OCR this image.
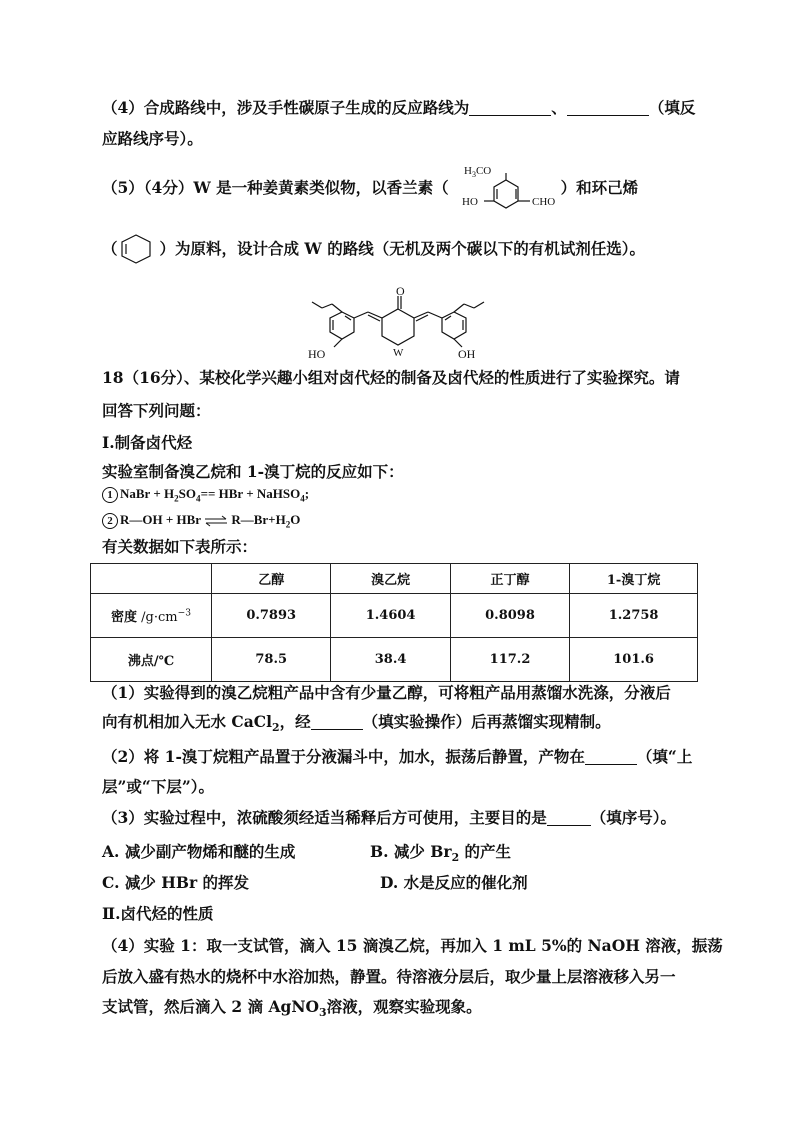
（4）合成路线中，涉及手性碳原子生成的反应路线为	、	（填反
应路线序号）。
（5）（4分）W 是一种姜黄素类似物，以香兰素（	）和环己烯
$H_3CO$
HO	CHO
（	）为原料，设计合成 W 的路线（无机及两个碳以下的有机试剂任选）。
O
HO	W	OH
18（16分）、某校化学兴趣小组对卤代烃的制备及卤代烃的性质进行了实验探究。请
回答下列问题：
Ⅰ.制备卤代烃
实验室制备溴乙烷和 1-溴丁烷的反应如下：
1 NaBr + $H_2SO_4==$ HBr + NaHSO$_4$;
2 R—OH + HBr ⇌ $R—Br+H_2O$
有关数据如下表所示：
	乙醇	溴乙烷	正丁醇	1-溴丁烷
密度 $/g\cdot cm^{-3}$	0.7893	1.4604	0.8098	1.2758
沸点/℃	78.5	38.4	117.2	101.6
（1）实验得到的溴乙烷粗产品中含有少量乙醇，可将粗产品用蒸馏水洗涤，分液后
向有机相加入无水 CaCl$_2$，经	（填实验操作）后再蒸馏实现精制。
（2）将 1-溴丁烷粗产品置于分液漏斗中，加水，振荡后静置，产物在	（填“上
层”或“下层”）。
（3）实验过程中，浓硫酸须经适当稀释后方可使用，主要目的是	（填序号）。
A. 减少副产物烯和醚的生成	B. 减少 $Br_2$ 的产生
C. 减少 HBr 的挥发	D. 水是反应的催化剂
Ⅱ.卤代烃的性质
（4）实验 1：取一支试管，滴入 15 滴溴乙烷，再加入 1 mL 5%的 NaOH 溶液，振荡
后放入盛有热水的烧杯中水浴加热，静置。待溶液分层后，取少量上层溶液移入另一
支试管，然后滴入 2 滴 AgNO$_3$溶液，观察实验现象。
